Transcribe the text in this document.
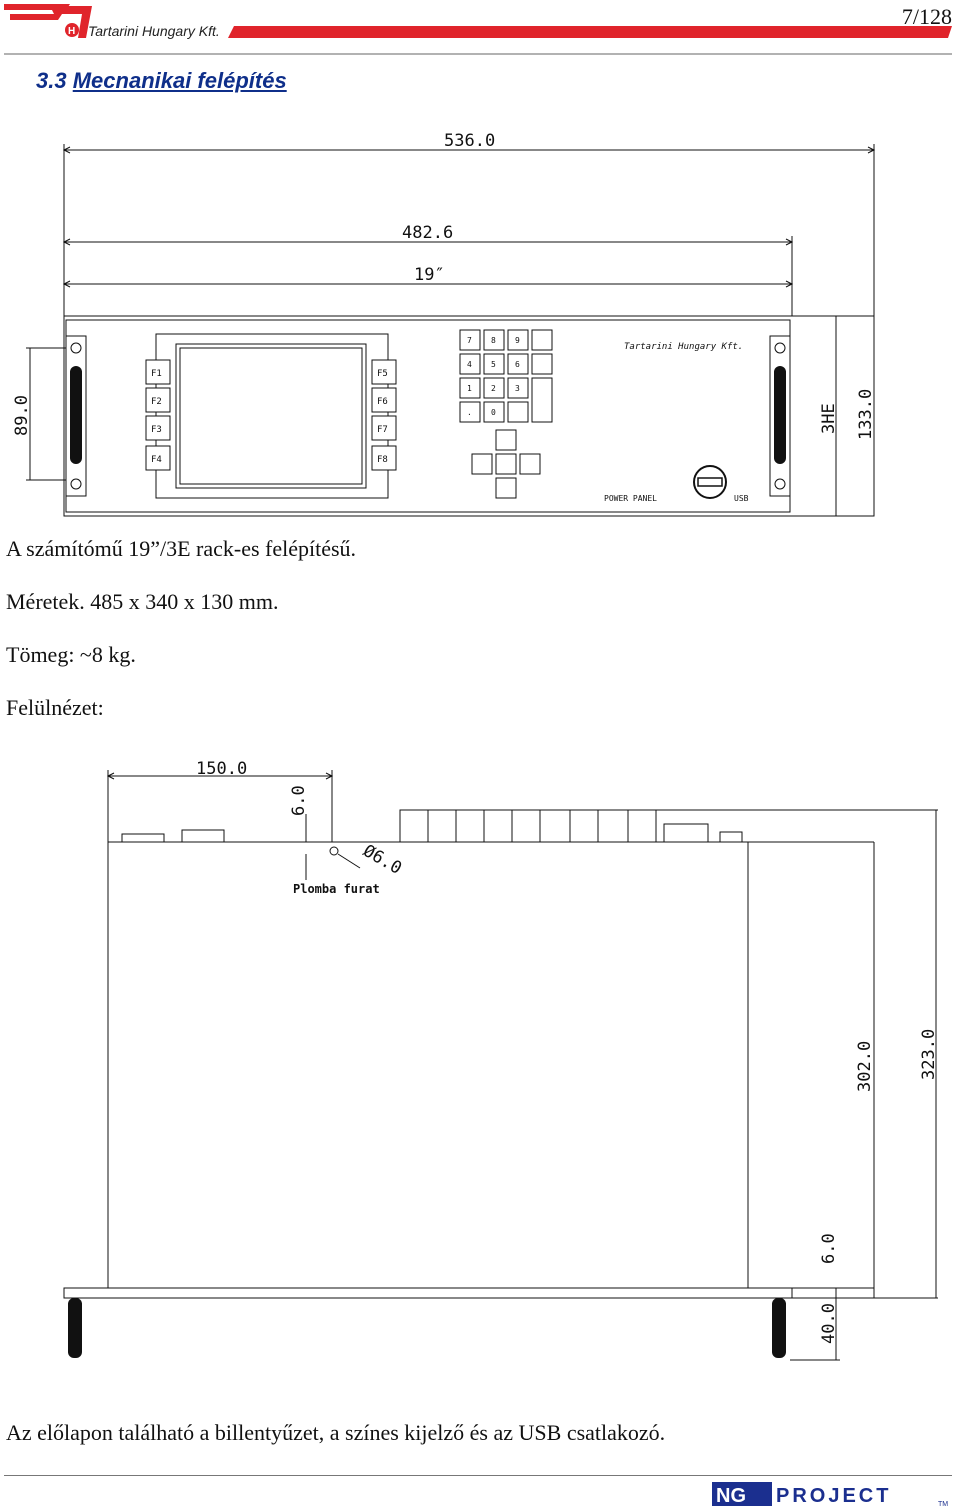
H Tartarini Hungary Kft.
7/128
3.3 Mecnanikai felépítés
F1
F2
F3
F4
F5
F6
F7
F8
7 8 9
4 5 6
1 2 3
. 0
Tartarini Hungary Kft.
POWER PANEL	USB
536.0
482.6
19″
89.0	3HE 133.0
A számítómű 19”/3E rack-es felépítésű.
Méretek. 485 x 340 x 130 mm.
Tömeg: ~8 kg.
Felülnézet:
150.0
6.0
Ø6.0
Plomba furat
302.0	323.0
6.0
40.0
Az előlapon található a billentyűzet, a színes kijelző és az USB csatlakozó.
NG PROJECT	TM
